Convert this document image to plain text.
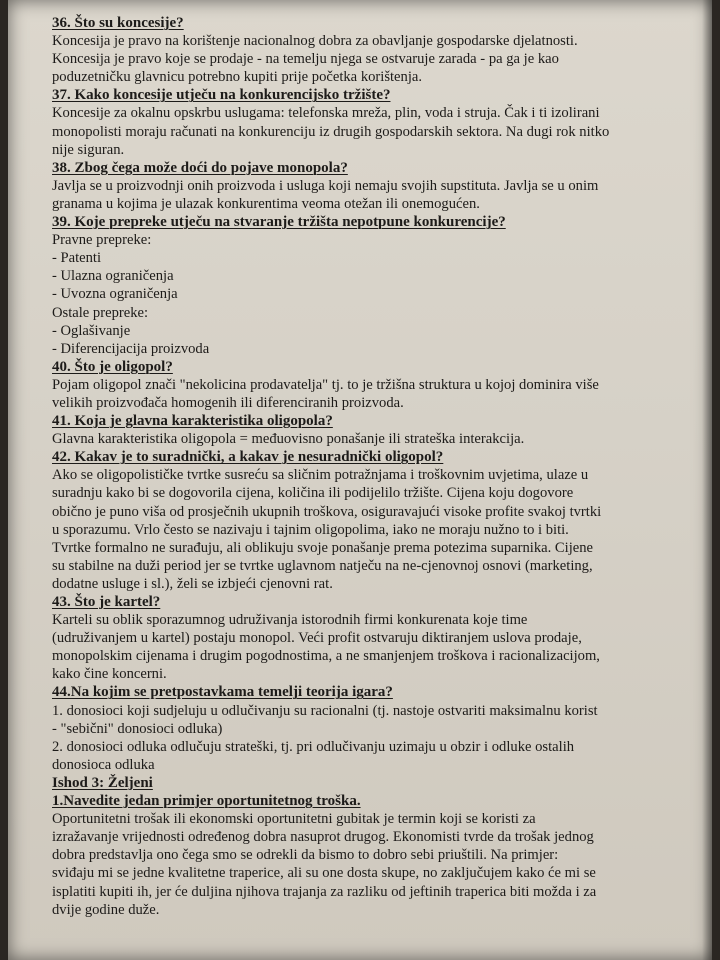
36. Što su koncesije?
Koncesija je pravo na korištenje nacionalnog dobra za obavljanje gospodarske djelatnosti.
Koncesija je pravo koje se prodaje - na temelju njega se ostvaruje zarada - pa ga je kao
poduzetničku glavnicu potrebno kupiti prije početka korištenja.
37. Kako koncesije utječu na konkurencijsko tržište?
Koncesije za okalnu opskrbu uslugama: telefonska mreža, plin, voda i struja. Čak i ti izolirani
monopolisti moraju računati na konkurenciju iz drugih gospodarskih sektora. Na dugi rok nitko
nije siguran.
38. Zbog čega može doći do pojave monopola?
Javlja se u proizvodnji onih proizvoda i usluga koji nemaju svojih supstituta. Javlja se u onim
granama u kojima je ulazak konkurentima veoma otežan ili onemogućen.
39. Koje prepreke utječu na stvaranje tržišta nepotpune konkurencije?
Pravne prepreke:
- Patenti
- Ulazna ograničenja
- Uvozna ograničenja
Ostale prepreke:
- Oglašivanje
- Diferencijacija proizvoda
40. Što je oligopol?
Pojam oligopol znači "nekolicina prodavatelja" tj. to je tržišna struktura u kojoj dominira više
velikih proizvođača homogenih ili diferenciranih proizvoda.
41. Koja je glavna karakteristika oligopola?
Glavna karakteristika oligopola = međuovisno ponašanje ili strateška interakcija.
42. Kakav je to suradnički, a kakav je nesuradnički oligopol?
Ako se oligopolističke tvrtke susreću sa sličnim potražnjama i troškovnim uvjetima, ulaze u
suradnju kako bi se dogovorila cijena, količina ili podijelilo tržište. Cijena koju dogovore
obično je puno viša od prosječnih ukupnih troškova, osiguravajući visoke profite svakoj tvrtki
u sporazumu. Vrlo često se nazivaju i tajnim oligopolima, iako ne moraju nužno to i biti.
Tvrtke formalno ne surađuju, ali oblikuju svoje ponašanje prema potezima suparnika. Cijene
su stabilne na duži period jer se tvrtke uglavnom natječu na ne-cjenovnoj osnovi (marketing,
dodatne usluge i sl.), želi se izbjeći cjenovni rat.
43. Što je kartel?
Karteli su oblik sporazumnog udruživanja istorodnih firmi konkurenata koje time
(udruživanjem u kartel) postaju monopol. Veći profit ostvaruju diktiranjem uslova prodaje,
monopolskim cijenama i drugim pogodnostima, a ne smanjenjem troškova i racionalizacijom,
kako čine koncerni.
44.Na kojim se pretpostavkama temelji teorija igara?
1. donosioci koji sudjeluju u odlučivanju su racionalni (tj. nastoje ostvariti maksimalnu korist
- "sebični" donosioci odluka)
2. donosioci odluka odlučuju strateški, tj. pri odlučivanju uzimaju u obzir i odluke ostalih
donosioca odluka
Ishod 3: Željeni
1.Navedite jedan primjer oportunitetnog troška.
Oportunitetni trošak ili ekonomski oportunitetni gubitak je termin koji se koristi za
izražavanje vrijednosti određenog dobra nasuprot drugog. Ekonomisti tvrde da trošak jednog
dobra predstavlja ono čega smo se odrekli da bismo to dobro sebi priuštili. Na primjer:
sviđaju mi se jedne kvalitetne traperice, ali su one dosta skupe, no zaključujem kako će mi se
isplatiti kupiti ih, jer će duljina njihova trajanja za razliku od jeftinih traperica biti možda i za
dvije godine duže.
